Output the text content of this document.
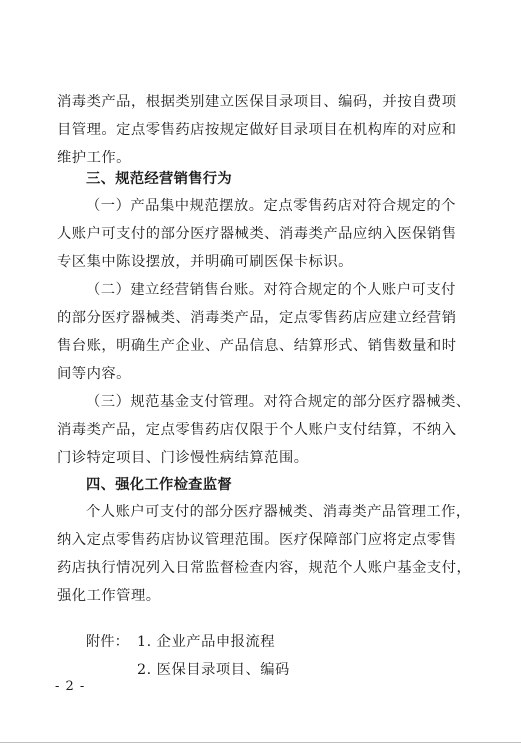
消毒类产品，根据类别建立医保目录项目、编码，并按自费项
目管理。定点零售药店按规定做好目录项目在机构库的对应和
维护工作。
三、规范经营销售行为
（一）产品集中规范摆放。定点零售药店对符合规定的个
人账户可支付的部分医疗器械类、消毒类产品应纳入医保销售
专区集中陈设摆放，并明确可刷医保卡标识。
（二）建立经营销售台账。对符合规定的个人账户可支付
的部分医疗器械类、消毒类产品，定点零售药店应建立经营销
售台账，明确生产企业、产品信息、结算形式、销售数量和时
间等内容。
（三）规范基金支付管理。对符合规定的部分医疗器械类、
消毒类产品，定点零售药店仅限于个人账户支付结算，不纳入
门诊特定项目、门诊慢性病结算范围。
四、强化工作检查监督
个人账户可支付的部分医疗器械类、消毒类产品管理工作，
纳入定点零售药店协议管理范围。医疗保障部门应将定点零售
药店执行情况列入日常监督检查内容，规范个人账户基金支付，
强化工作管理。
附件： 1. 企业产品申报流程
2. 医保目录项目、编码
- 2 -
